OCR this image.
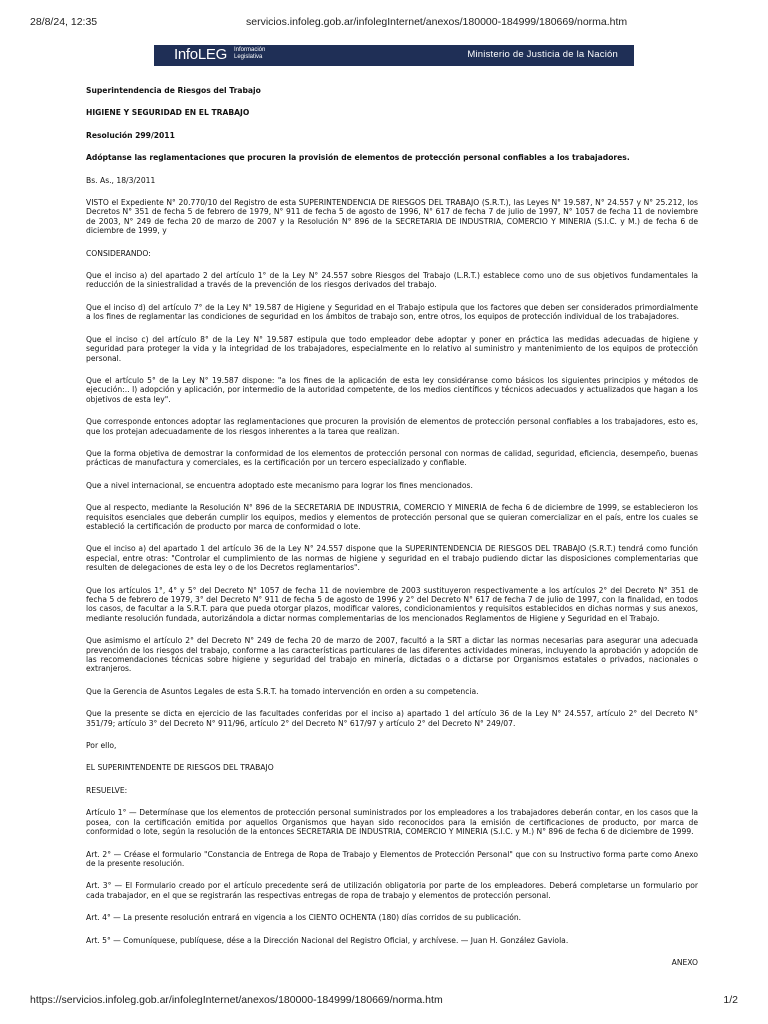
28/8/24, 12:35	servicios.infoleg.gob.ar/infolegInternet/anexos/180000-184999/180669/norma.htm
InfoLEG Información Legislativa	Ministerio de Justicia de la Nación

Superintendencia de Riesgos del Trabajo

HIGIENE Y SEGURIDAD EN EL TRABAJO

Resolución 299/2011

Adóptanse las reglamentaciones que procuren la provisión de elementos de protección personal confiables a los trabajadores.

Bs. As., 18/3/2011

VISTO el Expediente N° 20.770/10 del Registro de esta SUPERINTENDENCIA DE RIESGOS DEL TRABAJO (S.R.T.), las Leyes N° 19.587, N° 24.557 y N° 25.212, los Decretos N° 351 de fecha 5 de febrero de 1979, N° 911 de fecha 5 de agosto de 1996, N° 617 de fecha 7 de julio de 1997, N° 1057 de fecha 11 de noviembre de 2003, N° 249 de fecha 20 de marzo de 2007 y la Resolución N° 896 de la SECRETARIA DE INDUSTRIA, COMERCIO Y MINERIA (S.I.C. y M.) de fecha 6 de diciembre de 1999, y

CONSIDERANDO:

Que el inciso a) del apartado 2 del artículo 1° de la Ley N° 24.557 sobre Riesgos del Trabajo (L.R.T.) establece como uno de sus objetivos fundamentales la reducción de la siniestralidad a través de la prevención de los riesgos derivados del trabajo.

Que el inciso d) del artículo 7° de la Ley N° 19.587 de Higiene y Seguridad en el Trabajo estipula que los factores que deben ser considerados primordialmente a los fines de reglamentar las condiciones de seguridad en los ámbitos de trabajo son, entre otros, los equipos de protección individual de los trabajadores.

Que el inciso c) del artículo 8° de la Ley N° 19.587 estipula que todo empleador debe adoptar y poner en práctica las medidas adecuadas de higiene y seguridad para proteger la vida y la integridad de los trabajadores, especialmente en lo relativo al suministro y mantenimiento de los equipos de protección personal.

Que el artículo 5° de la Ley N° 19.587 dispone: "a los fines de la aplicación de esta ley considéranse como básicos los siguientes principios y métodos de ejecución:.. l) adopción y aplicación, por intermedio de la autoridad competente, de los medios científicos y técnicos adecuados y actualizados que hagan a los objetivos de esta ley".

Que corresponde entonces adoptar las reglamentaciones que procuren la provisión de elementos de protección personal confiables a los trabajadores, esto es, que los protejan adecuadamente de los riesgos inherentes a la tarea que realizan.

Que la forma objetiva de demostrar la conformidad de los elementos de protección personal con normas de calidad, seguridad, eficiencia, desempeño, buenas prácticas de manufactura y comerciales, es la certificación por un tercero especializado y confiable.

Que a nivel internacional, se encuentra adoptado este mecanismo para lograr los fines mencionados.

Que al respecto, mediante la Resolución N° 896 de la SECRETARIA DE INDUSTRIA, COMERCIO Y MINERIA de fecha 6 de diciembre de 1999, se establecieron los requisitos esenciales que deberán cumplir los equipos, medios y elementos de protección personal que se quieran comercializar en el país, entre los cuales se estableció la certificación de producto por marca de conformidad o lote.

Que el inciso a) del apartado 1 del artículo 36 de la Ley N° 24.557 dispone que la SUPERINTENDENCIA DE RIESGOS DEL TRABAJO (S.R.T.) tendrá como función especial, entre otras: "Controlar el cumplimiento de las normas de higiene y seguridad en el trabajo pudiendo dictar las disposiciones complementarias que resulten de delegaciones de esta ley o de los Decretos reglamentarios".

Que los artículos 1°, 4° y 5° del Decreto N° 1057 de fecha 11 de noviembre de 2003 sustituyeron respectivamente a los artículos 2° del Decreto N° 351 de fecha 5 de febrero de 1979, 3° del Decreto N° 911 de fecha 5 de agosto de 1996 y 2° del Decreto N° 617 de fecha 7 de julio de 1997, con la finalidad, en todos los casos, de facultar a la S.R.T. para que pueda otorgar plazos, modificar valores, condicionamientos y requisitos establecidos en dichas normas y sus anexos, mediante resolución fundada, autorizándola a dictar normas complementarias de los mencionados Reglamentos de Higiene y Seguridad en el Trabajo.

Que asimismo el artículo 2° del Decreto N° 249 de fecha 20 de marzo de 2007, facultó a la SRT a dictar las normas necesarias para asegurar una adecuada prevención de los riesgos del trabajo, conforme a las características particulares de las diferentes actividades mineras, incluyendo la aprobación y adopción de las recomendaciones técnicas sobre higiene y seguridad del trabajo en minería, dictadas o a dictarse por Organismos estatales o privados, nacionales o extranjeros.

Que la Gerencia de Asuntos Legales de esta S.R.T. ha tomado intervención en orden a su competencia.

Que la presente se dicta en ejercicio de las facultades conferidas por el inciso a) apartado 1 del artículo 36 de la Ley N° 24.557, artículo 2° del Decreto N° 351/79; artículo 3° del Decreto N° 911/96, artículo 2° del Decreto N° 617/97 y artículo 2° del Decreto N° 249/07.

Por ello,

EL SUPERINTENDENTE DE RIESGOS DEL TRABAJO

RESUELVE:

Artículo 1° — Determínase que los elementos de protección personal suministrados por los empleadores a los trabajadores deberán contar, en los casos que la posea, con la certificación emitida por aquellos Organismos que hayan sido reconocidos para la emisión de certificaciones de producto, por marca de conformidad o lote, según la resolución de la entonces SECRETARIA DE INDUSTRIA, COMERCIO Y MINERIA (S.I.C. y M.) N° 896 de fecha 6 de diciembre de 1999.

Art. 2° — Créase el formulario "Constancia de Entrega de Ropa de Trabajo y Elementos de Protección Personal" que con su Instructivo forma parte como Anexo de la presente resolución.

Art. 3° — El Formulario creado por el artículo precedente será de utilización obligatoria por parte de los empleadores. Deberá completarse un formulario por cada trabajador, en el que se registrarán las respectivas entregas de ropa de trabajo y elementos de protección personal.

Art. 4° — La presente resolución entrará en vigencia a los CIENTO OCHENTA (180) días corridos de su publicación.

Art. 5° — Comuníquese, publíquese, dése a la Dirección Nacional del Registro Oficial, y archívese. — Juan H. González Gaviola.

ANEXO

https://servicios.infoleg.gob.ar/infolegInternet/anexos/180000-184999/180669/norma.htm	1/2
